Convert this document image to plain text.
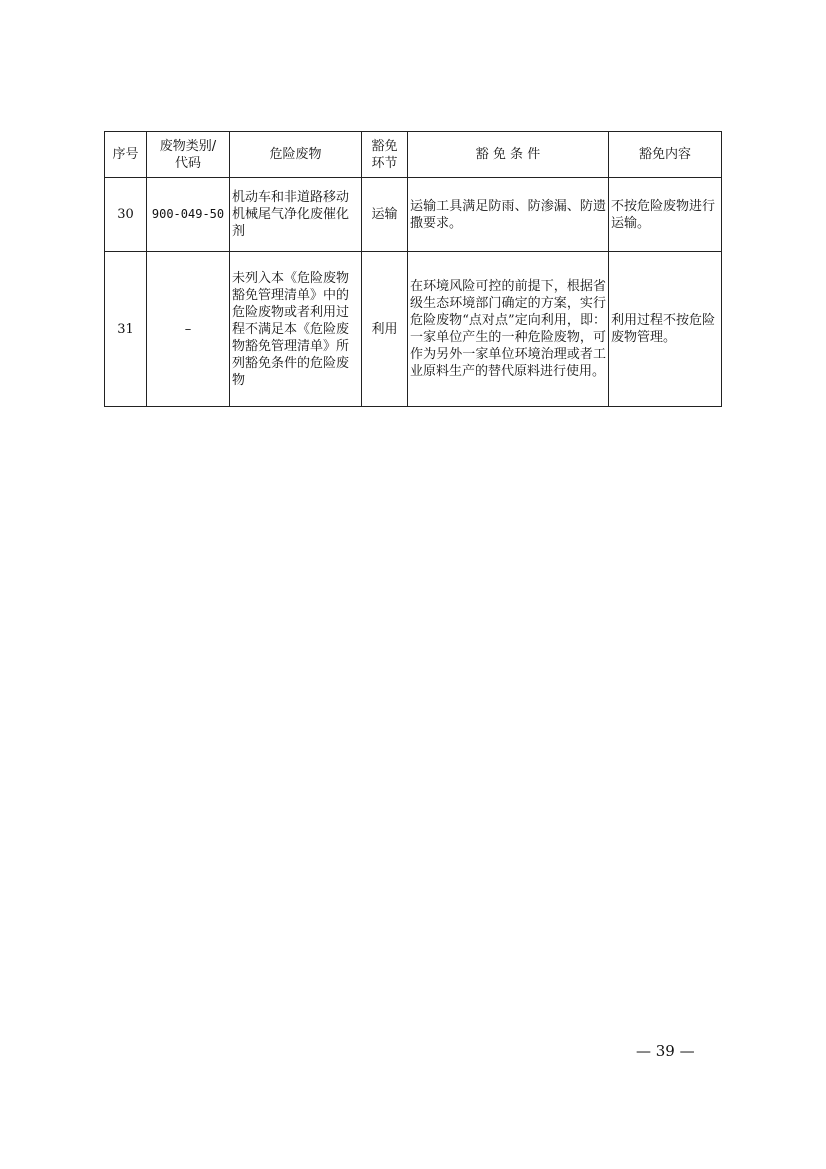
序号	废物类别/代码	危险废物	豁免环节	豁 免 条 件	豁免内容
30	900-049-50	机动车和非道路移动机械尾气净化废催化剂	运输	运输工具满足防雨、防渗漏、防遗撒要求。	不按危险废物进行运输。
31	–	未列入本《危险废物豁免管理清单》中的危险废物或者利用过程不满足本《危险废物豁免管理清单》所列豁免条件的危险废物	利用	在环境风险可控的前提下，根据省级生态环境部门确定的方案，实行危险废物“点对点”定向利用，即：一家单位产生的一种危险废物，可作为另外一家单位环境治理或者工业原料生产的替代原料进行使用。	利用过程不按危险废物管理。
— 39 —
